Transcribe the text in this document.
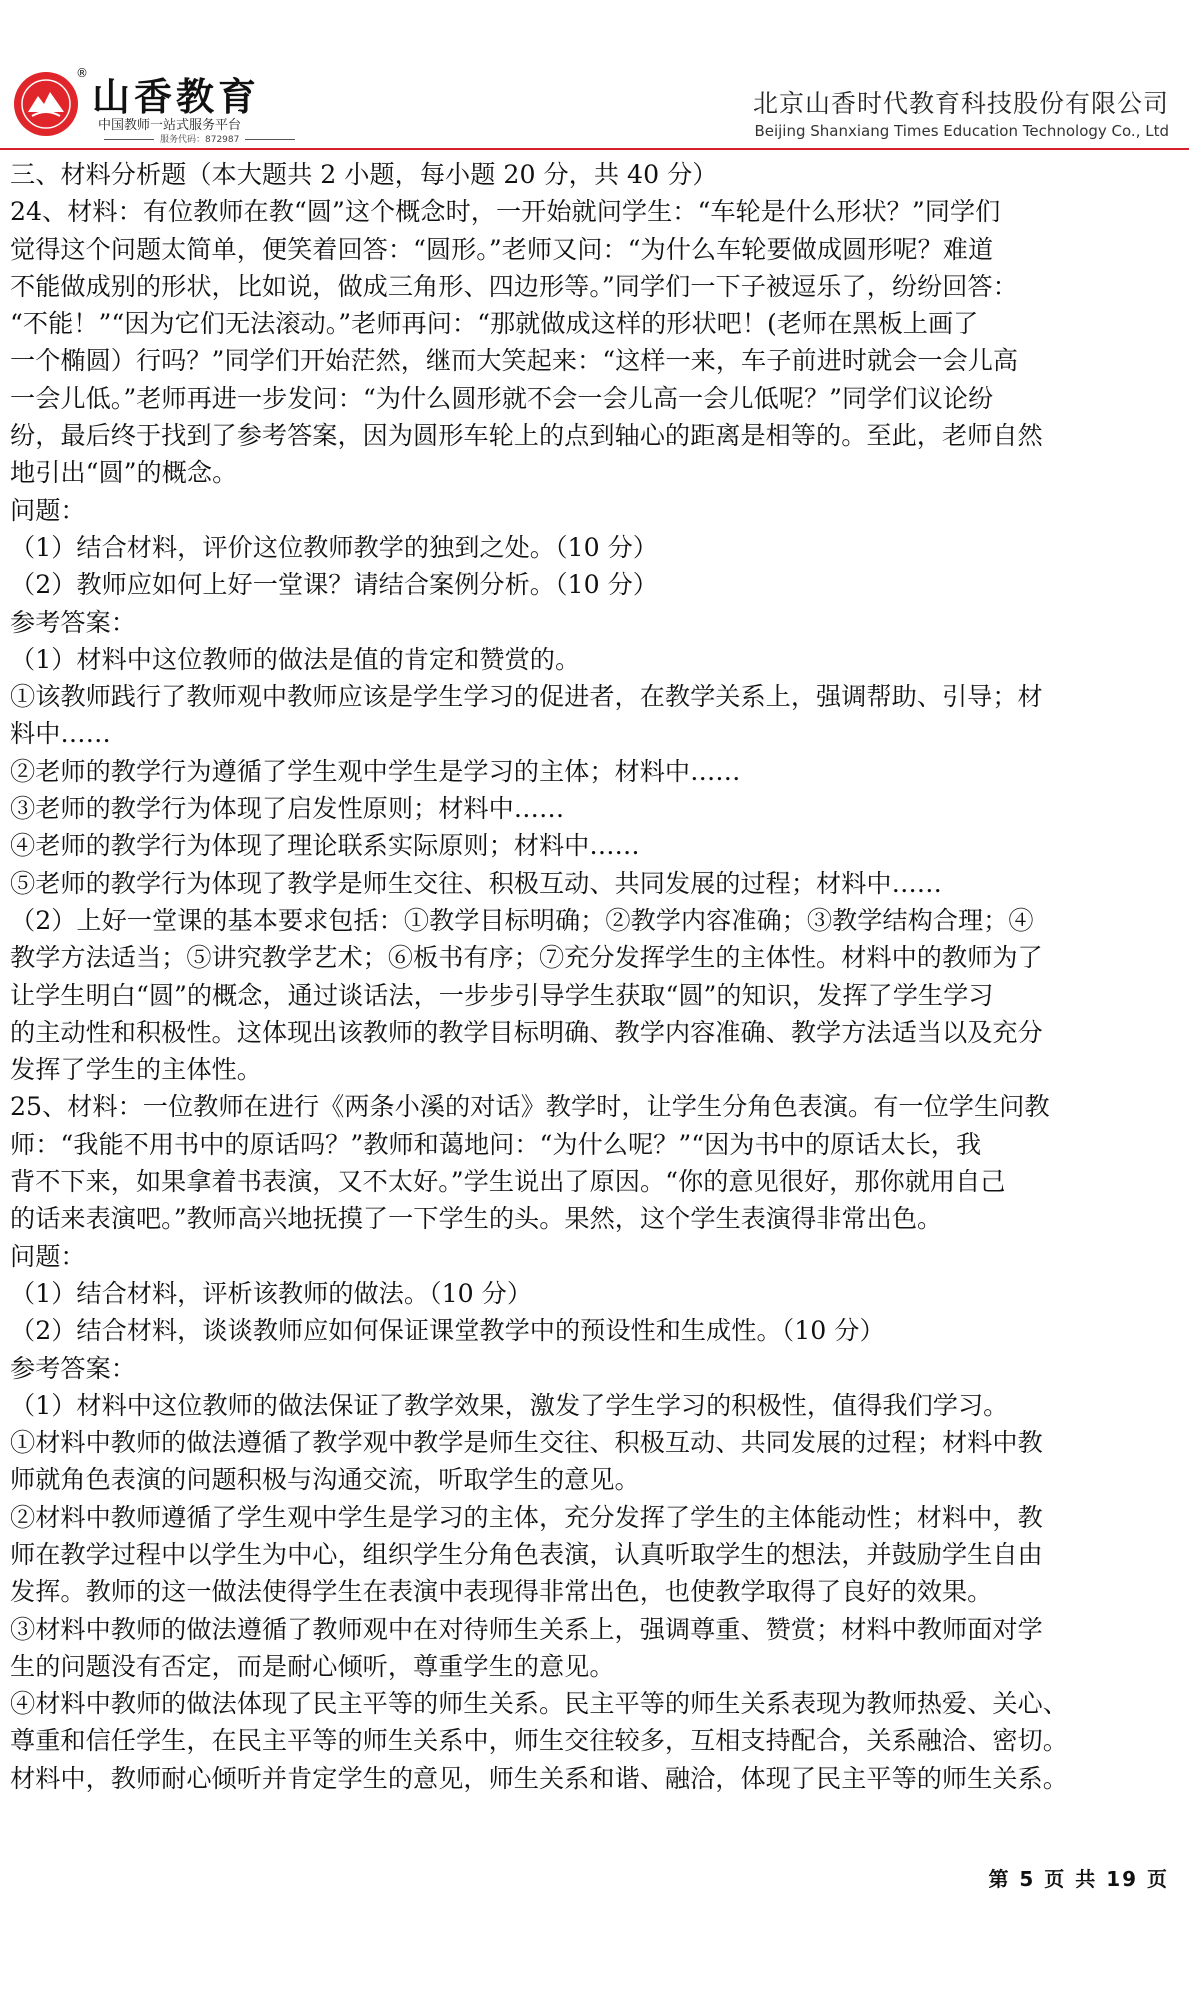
®
山香教育
中国教师一站式服务平台
服务代码：872987
北京山香时代教育科技股份有限公司
Beijing Shanxiang Times Education Technology Co., Ltd
三、材料分析题（本大题共 2 小题，每小题 20 分，共 40 分）
24、材料：有位教师在教“圆”这个概念时，一开始就问学生：“车轮是什么形状？”同学们
觉得这个问题太简单，便笑着回答：“圆形。”老师又问：“为什么车轮要做成圆形呢？难道
不能做成别的形状，比如说，做成三角形、四边形等。”同学们一下子被逗乐了，纷纷回答：
“不能！”“因为它们无法滚动。”老师再问：“那就做成这样的形状吧！(老师在黑板上画了
一个椭圆）行吗？”同学们开始茫然，继而大笑起来：“这样一来，车子前进时就会一会儿高
一会儿低。”老师再进一步发问：“为什么圆形就不会一会儿高一会儿低呢？”同学们议论纷
纷，最后终于找到了参考答案，因为圆形车轮上的点到轴心的距离是相等的。至此，老师自然
地引出“圆”的概念。
问题：
（1）结合材料，评价这位教师教学的独到之处。（10 分）
（2）教师应如何上好一堂课？请结合案例分析。（10 分）
参考答案：
（1）材料中这位教师的做法是值的肯定和赞赏的。
①该教师践行了教师观中教师应该是学生学习的促进者，在教学关系上，强调帮助、引导；材
料中……
②老师的教学行为遵循了学生观中学生是学习的主体；材料中……
③老师的教学行为体现了启发性原则；材料中……
④老师的教学行为体现了理论联系实际原则；材料中……
⑤老师的教学行为体现了教学是师生交往、积极互动、共同发展的过程；材料中……
（2）上好一堂课的基本要求包括：①教学目标明确；②教学内容准确；③教学结构合理；④
教学方法适当；⑤讲究教学艺术；⑥板书有序；⑦充分发挥学生的主体性。材料中的教师为了
让学生明白“圆”的概念，通过谈话法，一步步引导学生获取“圆”的知识，发挥了学生学习
的主动性和积极性。这体现出该教师的教学目标明确、教学内容准确、教学方法适当以及充分
发挥了学生的主体性。
25、材料：一位教师在进行《两条小溪的对话》教学时，让学生分角色表演。有一位学生问教
师：“我能不用书中的原话吗？”教师和蔼地问：“为什么呢？”“因为书中的原话太长，我
背不下来，如果拿着书表演，又不太好。”学生说出了原因。“你的意见很好，那你就用自己
的话来表演吧。”教师高兴地抚摸了一下学生的头。果然，这个学生表演得非常出色。
问题：
（1）结合材料，评析该教师的做法。（10 分）
（2）结合材料，谈谈教师应如何保证课堂教学中的预设性和生成性。（10 分）
参考答案：
（1）材料中这位教师的做法保证了教学效果，激发了学生学习的积极性，值得我们学习。
①材料中教师的做法遵循了教学观中教学是师生交往、积极互动、共同发展的过程；材料中教
师就角色表演的问题积极与沟通交流，听取学生的意见。
②材料中教师遵循了学生观中学生是学习的主体，充分发挥了学生的主体能动性；材料中，教
师在教学过程中以学生为中心，组织学生分角色表演，认真听取学生的想法，并鼓励学生自由
发挥。教师的这一做法使得学生在表演中表现得非常出色，也使教学取得了良好的效果。
③材料中教师的做法遵循了教师观中在对待师生关系上，强调尊重、赞赏；材料中教师面对学
生的问题没有否定，而是耐心倾听，尊重学生的意见。
④材料中教师的做法体现了民主平等的师生关系。民主平等的师生关系表现为教师热爱、关心、
尊重和信任学生，在民主平等的师生关系中，师生交往较多，互相支持配合，关系融洽、密切。
材料中，教师耐心倾听并肯定学生的意见，师生关系和谐、融洽，体现了民主平等的师生关系。
第 5 页 共 19 页
